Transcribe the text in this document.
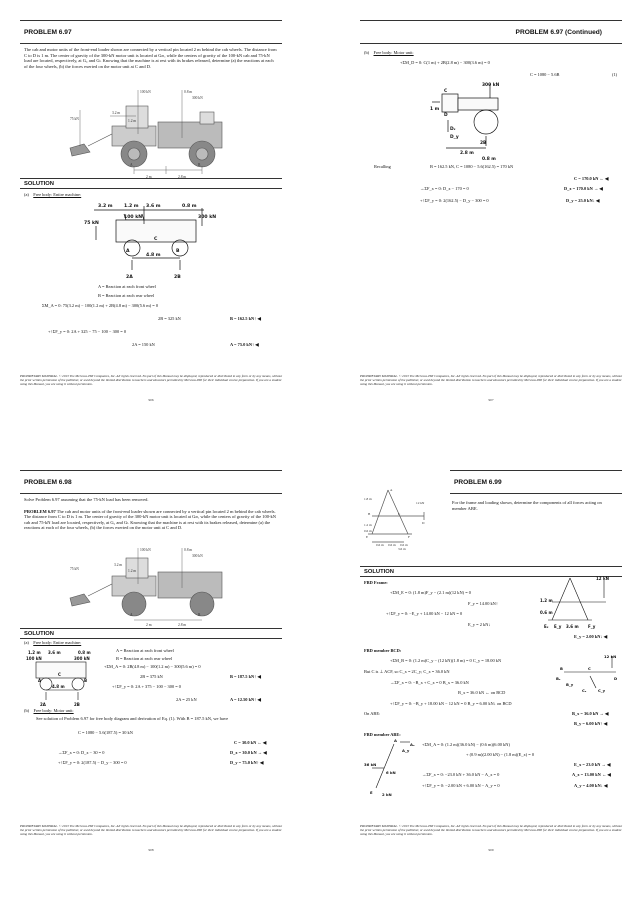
PROBLEM 6.97
The cab and motor units of the front-end loader shown are connected by a vertical pin located 2 m behind the cab wheels. The distance from C to D is 1 m. The center of gravity of the 300-kN motor unit is located at Gₘ, while the centers of gravity of the 100-kN cab and 75-kN load are located, respectively, at G꜀ and Gₗ. Knowing that the machine is at rest with its brakes released, determine (a) the reactions at each of the four wheels, (b) the forces exerted on the motor unit at C and D.
100 kN	0.8 m
300 kN
3.2 m
1.2 m
75 kN
A	B
2 m	2.8 m
SOLUTION
(a) Free body: Entire machine:
3.2 m 1.2 m 3.6 m	0.8 m
100 kN
75 kN
300 kN
4.8 m
A	B
C
2A	2B
A = Reaction at each front wheel
B = Reaction at each rear wheel
ΣM_A = 0: 75(3.2 m) − 100(1.2 m) + 2B(4.8 m) − 300(5.6 m) = 0
2B = 325 kN	B = 162.5 kN↑ ◀
+↑ΣF_y = 0: 2A + 325 − 75 − 100 − 300 = 0
2A = 150 kN	A = 75.0 kN↑ ◀
PROPRIETARY MATERIAL. © 2013 The McGraw-Hill Companies, Inc. All rights reserved. No part of this Manual may be displayed, reproduced or distributed in any form or by any means, without the prior written permission of the publisher, or used beyond the limited distribution to teachers and educators permitted by McGraw-Hill for their individual course preparation. If you are a student using this Manual, you are using it without permission.
906
PROBLEM 6.97 (Continued)
(b) Free body: Motor unit:
+ΣM_D = 0: C(1 m) + 2B(2.8 m) − 300(3.6 m) = 0
C = 1080 − 5.6B	(1)
300 kN
1 m
C
D
Dₓ
D_y
2B
2.8 m
0.8 m
Recalling	B = 162.5 kN, C = 1080 − 5.6(162.5) = 170 kN
C = 170.0 kN ← ◀
→ΣF_x = 0: D_x − 170 = 0	D_x = 170.0 kN → ◀
+↑ΣF_y = 0: 2(162.5) − D_y − 300 = 0	D_y = 25.0 kN↓ ◀
PROPRIETARY MATERIAL. © 2013 The McGraw-Hill Companies, Inc. All rights reserved. No part of this Manual may be displayed, reproduced or distributed in any form or by any means, without the prior written permission of the publisher, or used beyond the limited distribution to teachers and educators permitted by McGraw-Hill for their individual course preparation. If you are a student using this Manual, you are using it without permission.
907
PROBLEM 6.98
Solve Problem 6.97 assuming that the 75-kN load has been removed.
PROBLEM 6.97 The cab and motor units of the front-end loader shown are connected by a vertical pin located 2 m behind the cab wheels. The distance from C to D is 1 m. The center of gravity of the 300-kN motor unit is located at Gₘ, while the centers of gravity of the 100-kN cab and 75-kN load are located, respectively, at G꜀ and Gₗ. Knowing that the machine is at rest with its brakes released, determine (a) the reactions at each of the four wheels, (b) the forces exerted on the motor unit at C and D.
100 kN	0.8 m
300 kN
3.2 m
1.2 m
75 kN
A	B
2 m	2.8 m
SOLUTION
(a) Free body: Entire machine:
A = Reaction at each front wheel
B = Reaction at each rear wheel
1.2 m 3.6 m	0.8 m
100 kN	300 kN
4.8 m
2A	2B
A
C
B
+ΣM_A = 0: 2B(4.8 m) − 100(1.2 m) − 300(5.6 m) = 0
2B = 375 kN	B = 187.5 kN↑ ◀
+↑ΣF_y = 0: 2A + 375 − 100 − 300 = 0
2A = 25 kN	A = 12.50 kN↑ ◀
(b) Free body: Motor unit:
See solution of Problem 6.97 for free body diagram and derivation of Eq. (1). With B = 187.5 kN, we have
C = 1080 − 5.6(187.5) = 30 kN
C = 30.0 kN ← ◀
→ΣF_x = 0: D_x − 30 = 0	D_x = 30.0 kN → ◀
+↑ΣF_y = 0: 2(187.5) − D_y − 300 = 0	D_y = 75.0 kN↑ ◀
PROPRIETARY MATERIAL. © 2013 The McGraw-Hill Companies, Inc. All rights reserved. No part of this Manual may be displayed, reproduced or distributed in any form or by any means, without the prior written permission of the publisher, or used beyond the limited distribution to teachers and educators permitted by McGraw-Hill for their individual course preparation. If you are a student using this Manual, you are using it without permission.
908
A
B	C
D
E	F
12 kN
1.8 m
1.2 m
0.6 m
0.6 m 0.6 m 0.6 m
3.6 m
PROBLEM 6.99
For the frame and loading shown, determine the components of all forces acting on member ABE.
SOLUTION
FBD Frame:
+ΣM_E = 0: (1.8 m)F_y − (2.1 m)(12 kN) = 0
F_y = 14.00 kN↑
+↑ΣF_y = 0: −E_y + 14.00 kN − 12 kN = 0
E_y = 2 kN↓
E_y = 2.00 kN↓ ◀
12 kN
1.2 m
0.6 m
Eₓ E_y	F_y
3.6 m
FBD member BCD:
+ΣM_B = 0: (1.2 m)C_y − (12 kN)(1.8 m) = 0 C_y = 18.00 kN
But C is ⊥ ACF, so C_x = 2C_y; C_x = 36.0 kN
→ΣF_x = 0: −B_x + C_x = 0 B_x = 36.0 kN
B_x = 36.0 kN ← on BCD
+↑ΣF_y = 0: −B_y + 18.00 kN − 12 kN = 0 B_y = 6.00 kN↓ on BCD
On ABE:	B_x = 36.0 kN → ◀
B_y = 6.00 kN↑ ◀
12 kN
B	C
D
Bₓ
B_y
Cₓ	C_y
FBD member ABE:
+ΣM_A = 0: (1.2 m)(36.0 kN) − (0.6 m)(6.00 kN)
+ (0.9 m)(2.00 kN) − (1.8 m)(E_x) = 0
E_x = 23.0 kN → ◀
→ΣF_x = 0: −23.0 kN + 36.0 kN − A_x = 0	A_x = 13.00 kN ← ◀
+↑ΣF_y = 0: −2.00 kN + 6.00 kN − A_y = 0	A_y = 4.00 kN↓ ◀
A
Aₓ
A_y
36 kN
6 kN
E 2 kN
PROPRIETARY MATERIAL. © 2013 The McGraw-Hill Companies, Inc. All rights reserved. No part of this Manual may be displayed, reproduced or distributed in any form or by any means, without the prior written permission of the publisher, or used beyond the limited distribution to teachers and educators permitted by McGraw-Hill for their individual course preparation. If you are a student using this Manual, you are using it without permission.
909
